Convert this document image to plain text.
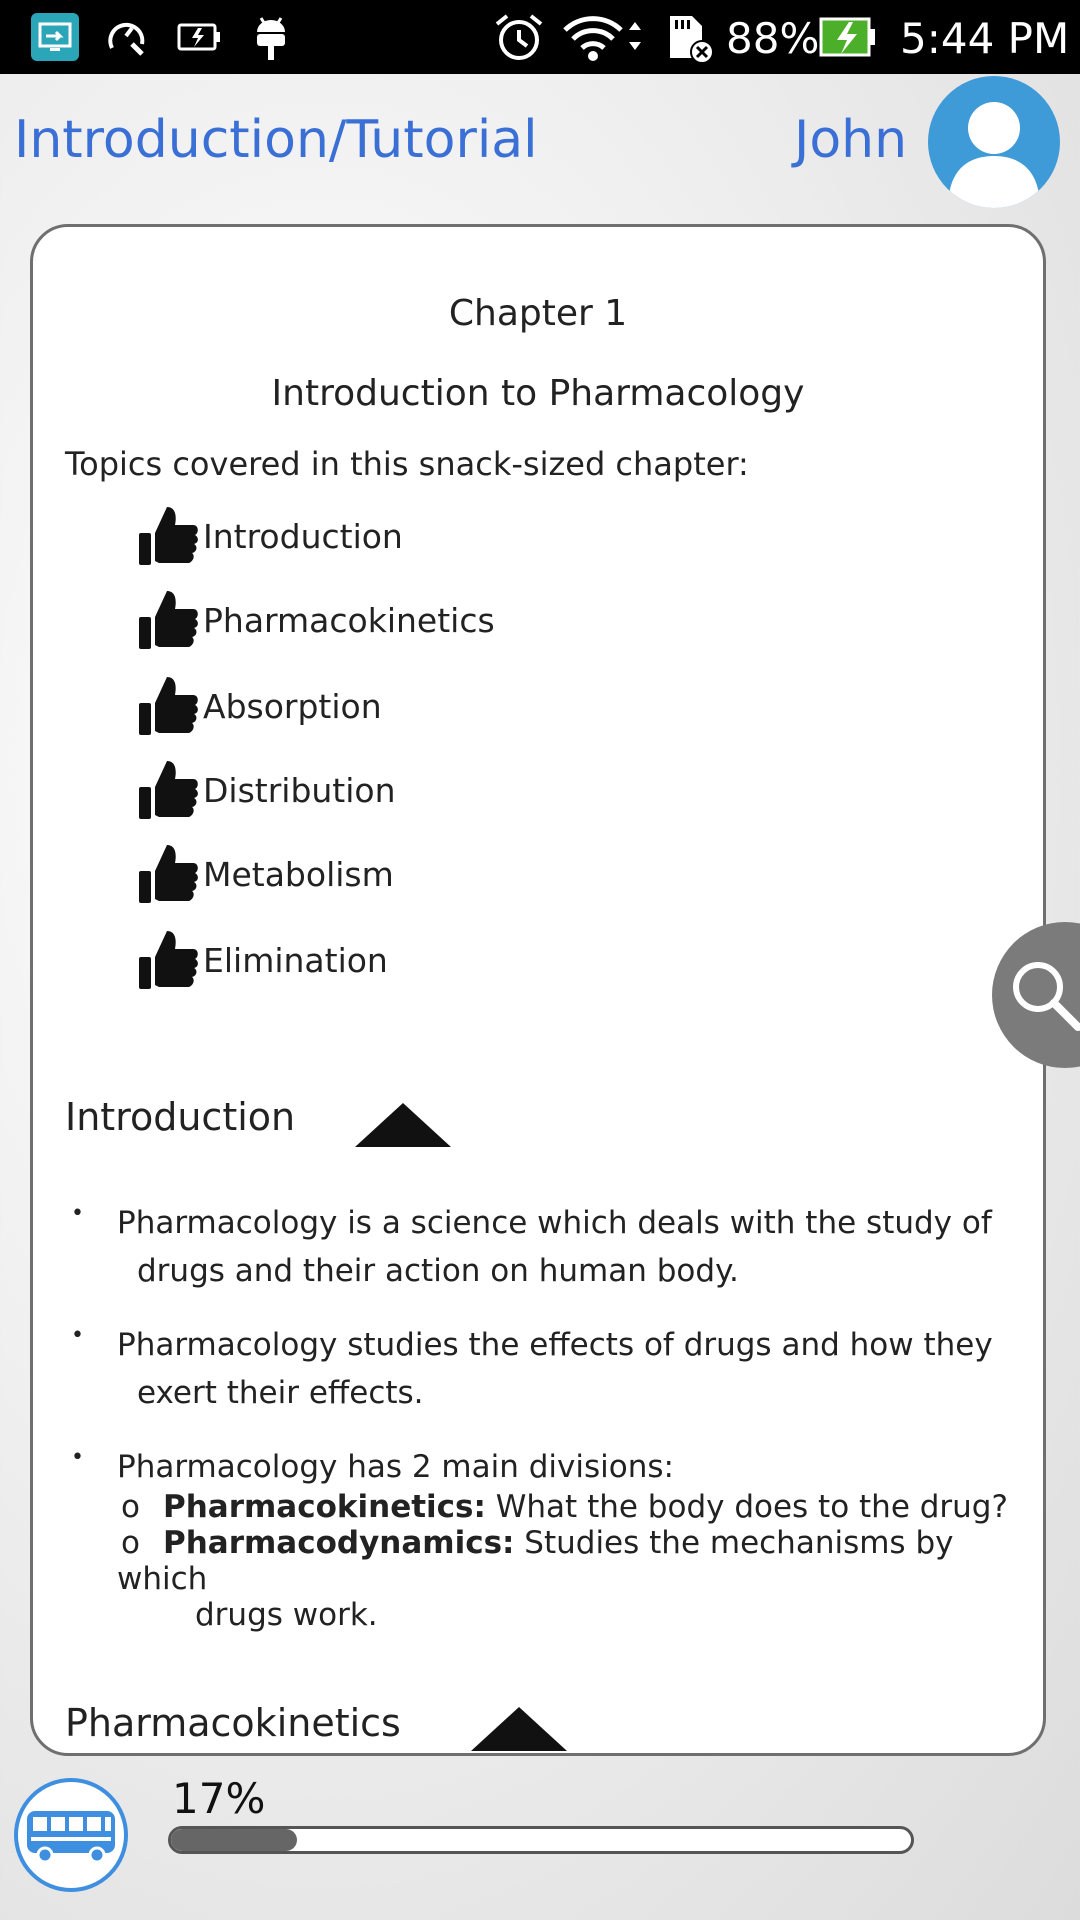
88% 5:44 PM
Introduction/Tutorial	John
Chapter 1
Introduction to Pharmacology
Topics covered in this snack-sized chapter:
Introduction
Pharmacokinetics
Absorption
Distribution
Metabolism
Elimination
Introduction
• Pharmacology is a science which deals with the study of
drugs and their action on human body.
• Pharmacology studies the effects of drugs and how they
exert their effects.
• Pharmacology has 2 main divisions:
o Pharmacokinetics: What the body does to the drug?
o Pharmacodynamics: Studies the mechanisms by which
drugs work.
Pharmacokinetics
17%
